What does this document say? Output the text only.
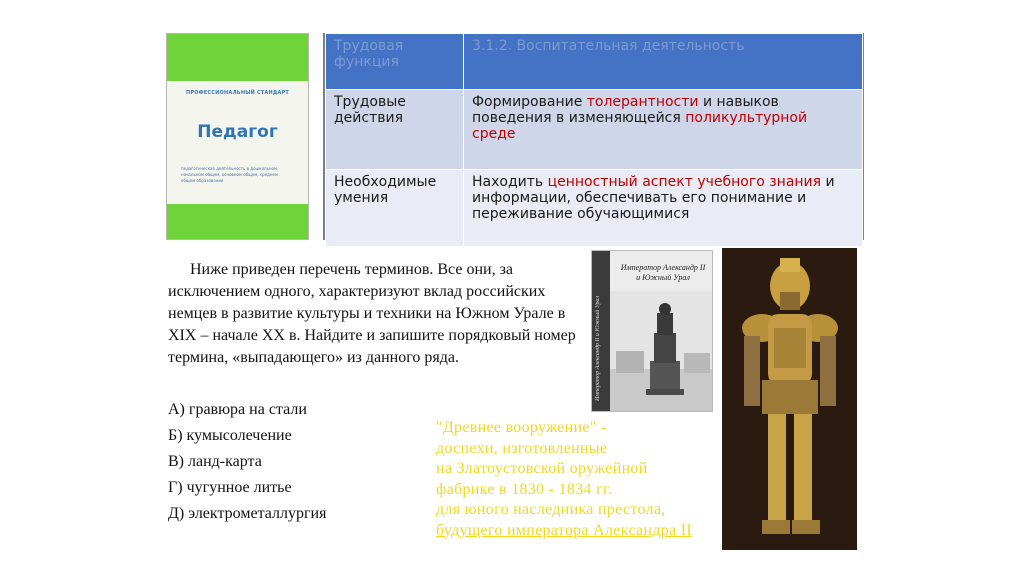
ПРОФЕССИОНАЛЬНЫЙ СТАНДАРТ
Педагог
педагогическая деятельность в дошкольном, начальном общем, основном общем, среднем общем образовании
Трудовая функция	3.1.2. Воспитательная деятельность
Трудовые действия	Формирование толерантности и навыков поведения в изменяющейся поликультурной среде
Необходимые умения	Находить ценностный аспект учебного знания и информации, обеспечивать его понимание и переживание обучающимися
Ниже приведен перечень терминов. Все они, за исключением одного, характеризуют вклад российских немцев в развитие культуры и техники на Южном Урале в XIX – начале XX в. Найдите и запишите порядковый номер термина, «выпадающего» из данного ряда.
А) гравюра на стали
Б) кумысолечение
В) ланд-карта
Г) чугунное литье
Д) электрометаллургия
Император Александр II и Южный Урал
Император Александр II и Южный Урал
"Древнее вооружение" -
доспехи, изготовленные
на Златоустовской оружейной
фабрике в 1830 - 1834 гг.
для юного наследника престола,
будущего императора Александра II
